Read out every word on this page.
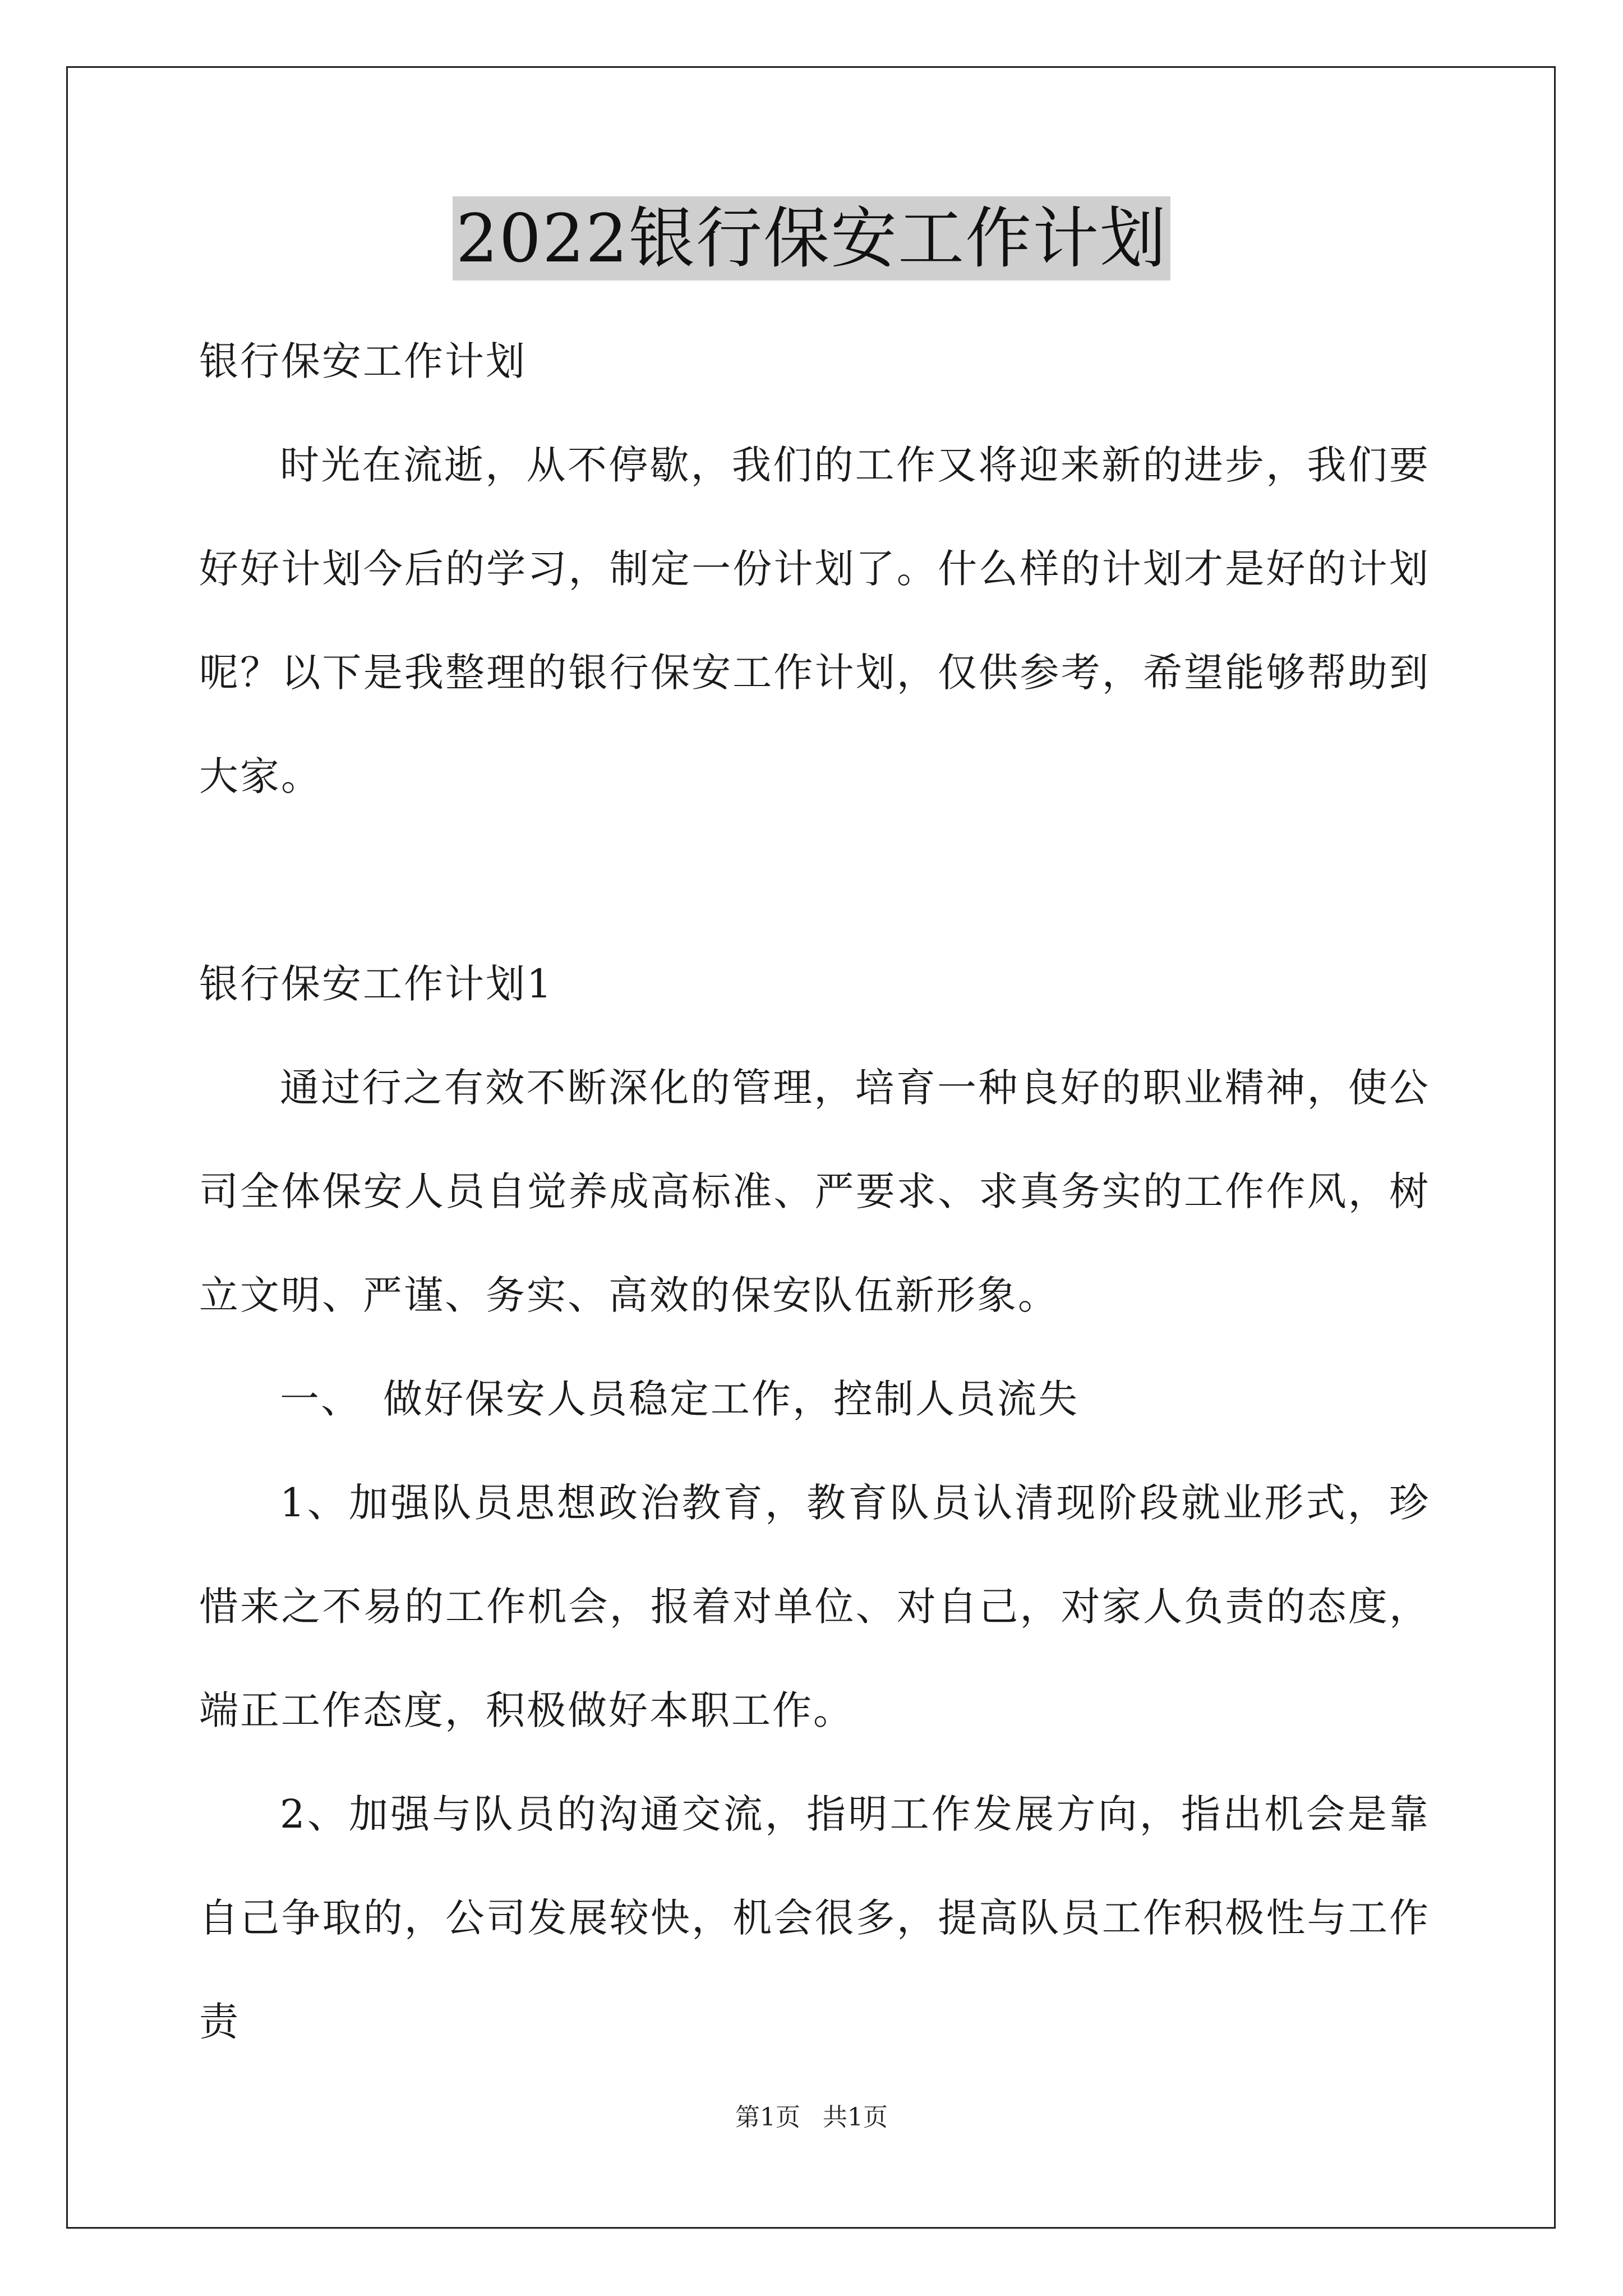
2022银行保安工作计划

银行保安工作计划

时光在流逝，从不停歇，我们的工作又将迎来新的进步，我们要好好计划今后的学习，制定一份计划了。什么样的计划才是好的计划呢？以下是我整理的银行保安工作计划，仅供参考，希望能够帮助到大家。

银行保安工作计划1

通过行之有效不断深化的管理，培育一种良好的职业精神，使公司全体保安人员自觉养成高标准、严要求、求真务实的工作作风，树立文明、严谨、务实、高效的保安队伍新形象。

一、　做好保安人员稳定工作，控制人员流失

1、加强队员思想政治教育，教育队员认清现阶段就业形式，珍惜来之不易的工作机会，报着对单位、对自己，对家人负责的态度，端正工作态度，积极做好本职工作。

2、加强与队员的沟通交流，指明工作发展方向，指出机会是靠自己争取的，公司发展较快，机会很多，提高队员工作积极性与工作责

第1页 共1页
